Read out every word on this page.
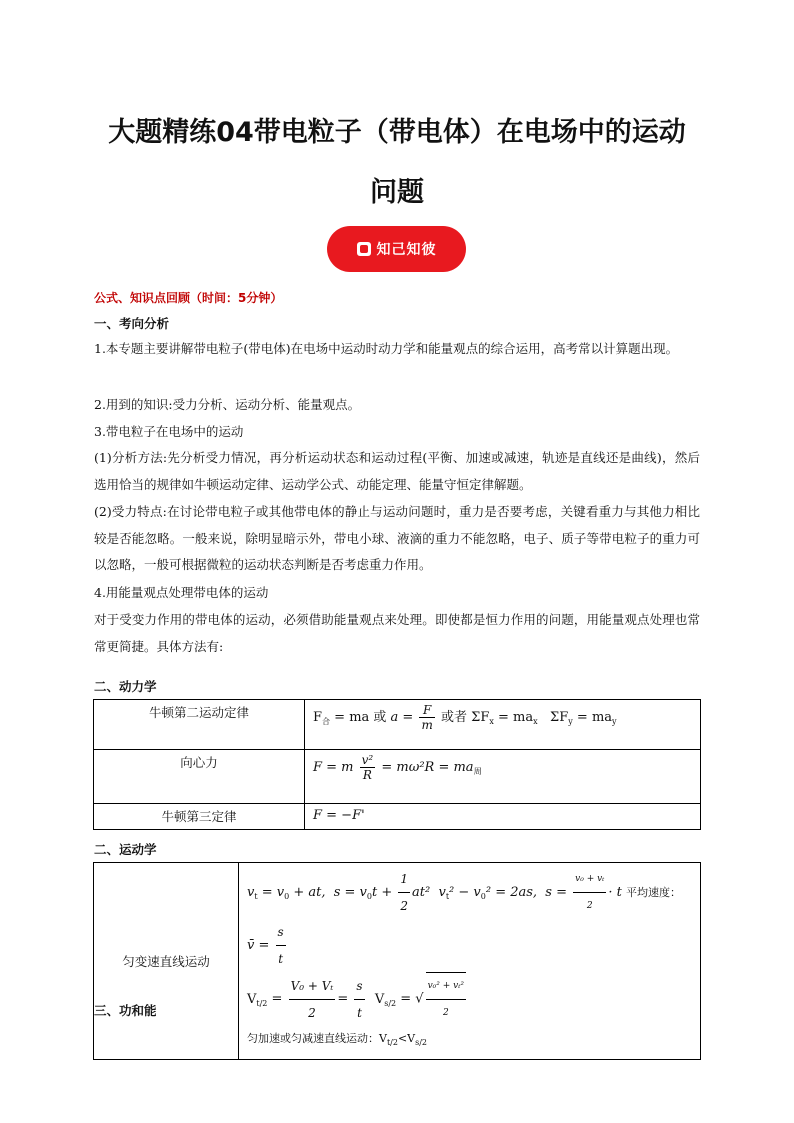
大题精练04带电粒子（带电体）在电场中的运动
问题
知己知彼
公式、知识点回顾（时间：5分钟）
一、考向分析
1.本专题主要讲解带电粒子(带电体)在电场中运动时动力学和能量观点的综合运用，高考常以计算题出现。
2.用到的知识:受力分析、运动分析、能量观点。
3.带电粒子在电场中的运动
(1)分析方法:先分析受力情况，再分析运动状态和运动过程(平衡、加速或减速，轨迹是直线还是曲线)，然后选用恰当的规律如牛顿运动定律、运动学公式、动能定理、能量守恒定律解题。
(2)受力特点:在讨论带电粒子或其他带电体的静止与运动问题时，重力是否要考虑，关键看重力与其他力相比较是否能忽略。一般来说，除明显暗示外，带电小球、液滴的重力不能忽略，电子、质子等带电粒子的重力可以忽略，一般可根据微粒的运动状态判断是否考虑重力作用。
4.用能量观点处理带电体的运动
对于受变力作用的带电体的运动，必须借助能量观点来处理。即使都是恒力作用的问题，用能量观点处理也常常更简捷。具体方法有:
二、动力学
牛顿第二运动定律	$F_合$ = ma 或 $a = \frac{F}{m}$ 或者 $\Sigma F_x = ma_x$   $\Sigma F_y = ma_y$
向心力	F = m $\frac{\text{v²}}{R} = m\omega^2R = ma_周$
牛顿第三定律	F = −F'
二、运动学
匀变速直线运动	
$v_t = v_0$ + at,  $s = v_0t + \frac{1}{2} at^2$  $v_t^2 - v_0^2 = 2as$,  $s = \frac{\text{v₀ + vₜ}}{2} \cdot t$ 平均速度： v̄ = $\frac{s}{t}$
$V_{t/2} = \frac{\text{V₀ + Vₜ}}{2} = \frac{s}{t} V_{s/2}$ = √ $\frac{\text{v₀² + vₜ²}}{2}$
匀加速或匀减速直线运动：$V_{t/2}<V_{s/2}$
三、功和能
